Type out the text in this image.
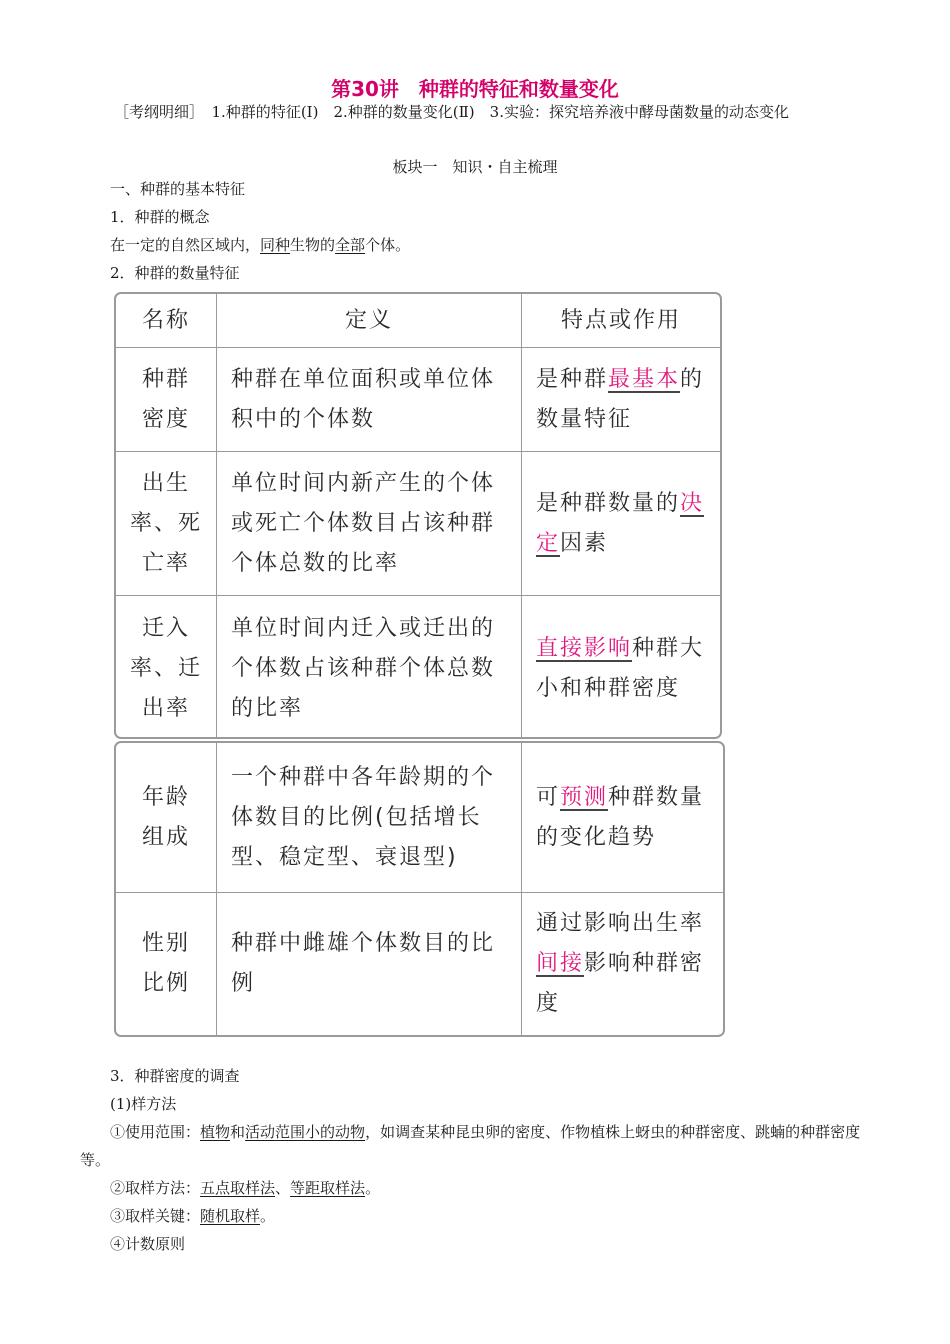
第30讲　种群的特征和数量变化

［考纲明细］　1.种群的特征(Ⅰ)　2.种群的数量变化(Ⅱ)　3.实验：探究培养液中酵母菌数量的动态变化

板块一　知识・自主梳理
一、种群的基本特征
1．种群的概念
在一定的自然区域内，同种生物的全部个体。
2．种群的数量特征
名称	定义	特点或作用
种群密度
种群在单位面积或单位体积中的个体数
是种群最基本的数量特征
出生率、死亡率
单位时间内新产生的个体或死亡个体数目占该种群个体总数的比率
是种群数量的决定因素
迁入率、迁出率
单位时间内迁入或迁出的个体数占该种群个体总数的比率
直接影响种群大小和种群密度
年龄组成
一个种群中各年龄期的个体数目的比例(包括增长型、稳定型、衰退型)
可预测种群数量的变化趋势
性别比例
种群中雌雄个体数目的比例
通过影响出生率间接影响种群密度
3．种群密度的调查
(1)样方法

①使用范围：植物和活动范围小的动物，如调查某种昆虫卵的密度、作物植株上蚜虫的种群密度、跳蝻的种群密度等。

②取样方法：五点取样法、等距取样法。
③取样关键：随机取样。
④计数原则
